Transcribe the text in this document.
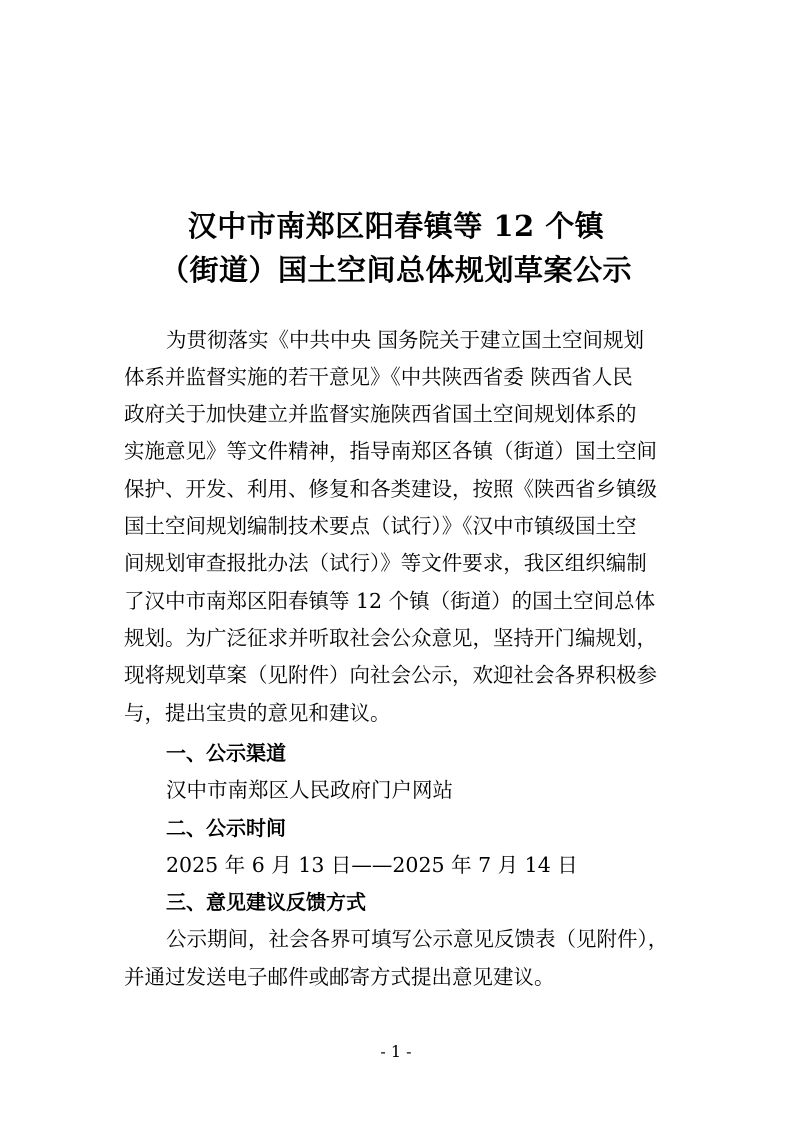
汉中市南郑区阳春镇等 12 个镇
（街道）国土空间总体规划草案公示
为贯彻落实《中共中央 国务院关于建立国土空间规划
体系并监督实施的若干意见》《中共陕西省委 陕西省人民
政府关于加快建立并监督实施陕西省国土空间规划体系的
实施意见》等文件精神，指导南郑区各镇（街道）国土空间
保护、开发、利用、修复和各类建设，按照《陕西省乡镇级
国土空间规划编制技术要点（试行）》《汉中市镇级国土空
间规划审查报批办法（试行）》等文件要求，我区组织编制
了汉中市南郑区阳春镇等 12 个镇（街道）的国土空间总体
规划。为广泛征求并听取社会公众意见，坚持开门编规划，
现将规划草案（见附件）向社会公示，欢迎社会各界积极参
与，提出宝贵的意见和建议。
一、公示渠道
汉中市南郑区人民政府门户网站
二、公示时间
2025 年 6 月 13 日——2025 年 7 月 14 日
三、意见建议反馈方式
公示期间，社会各界可填写公示意见反馈表（见附件），
并通过发送电子邮件或邮寄方式提出意见建议。
- 1 -
